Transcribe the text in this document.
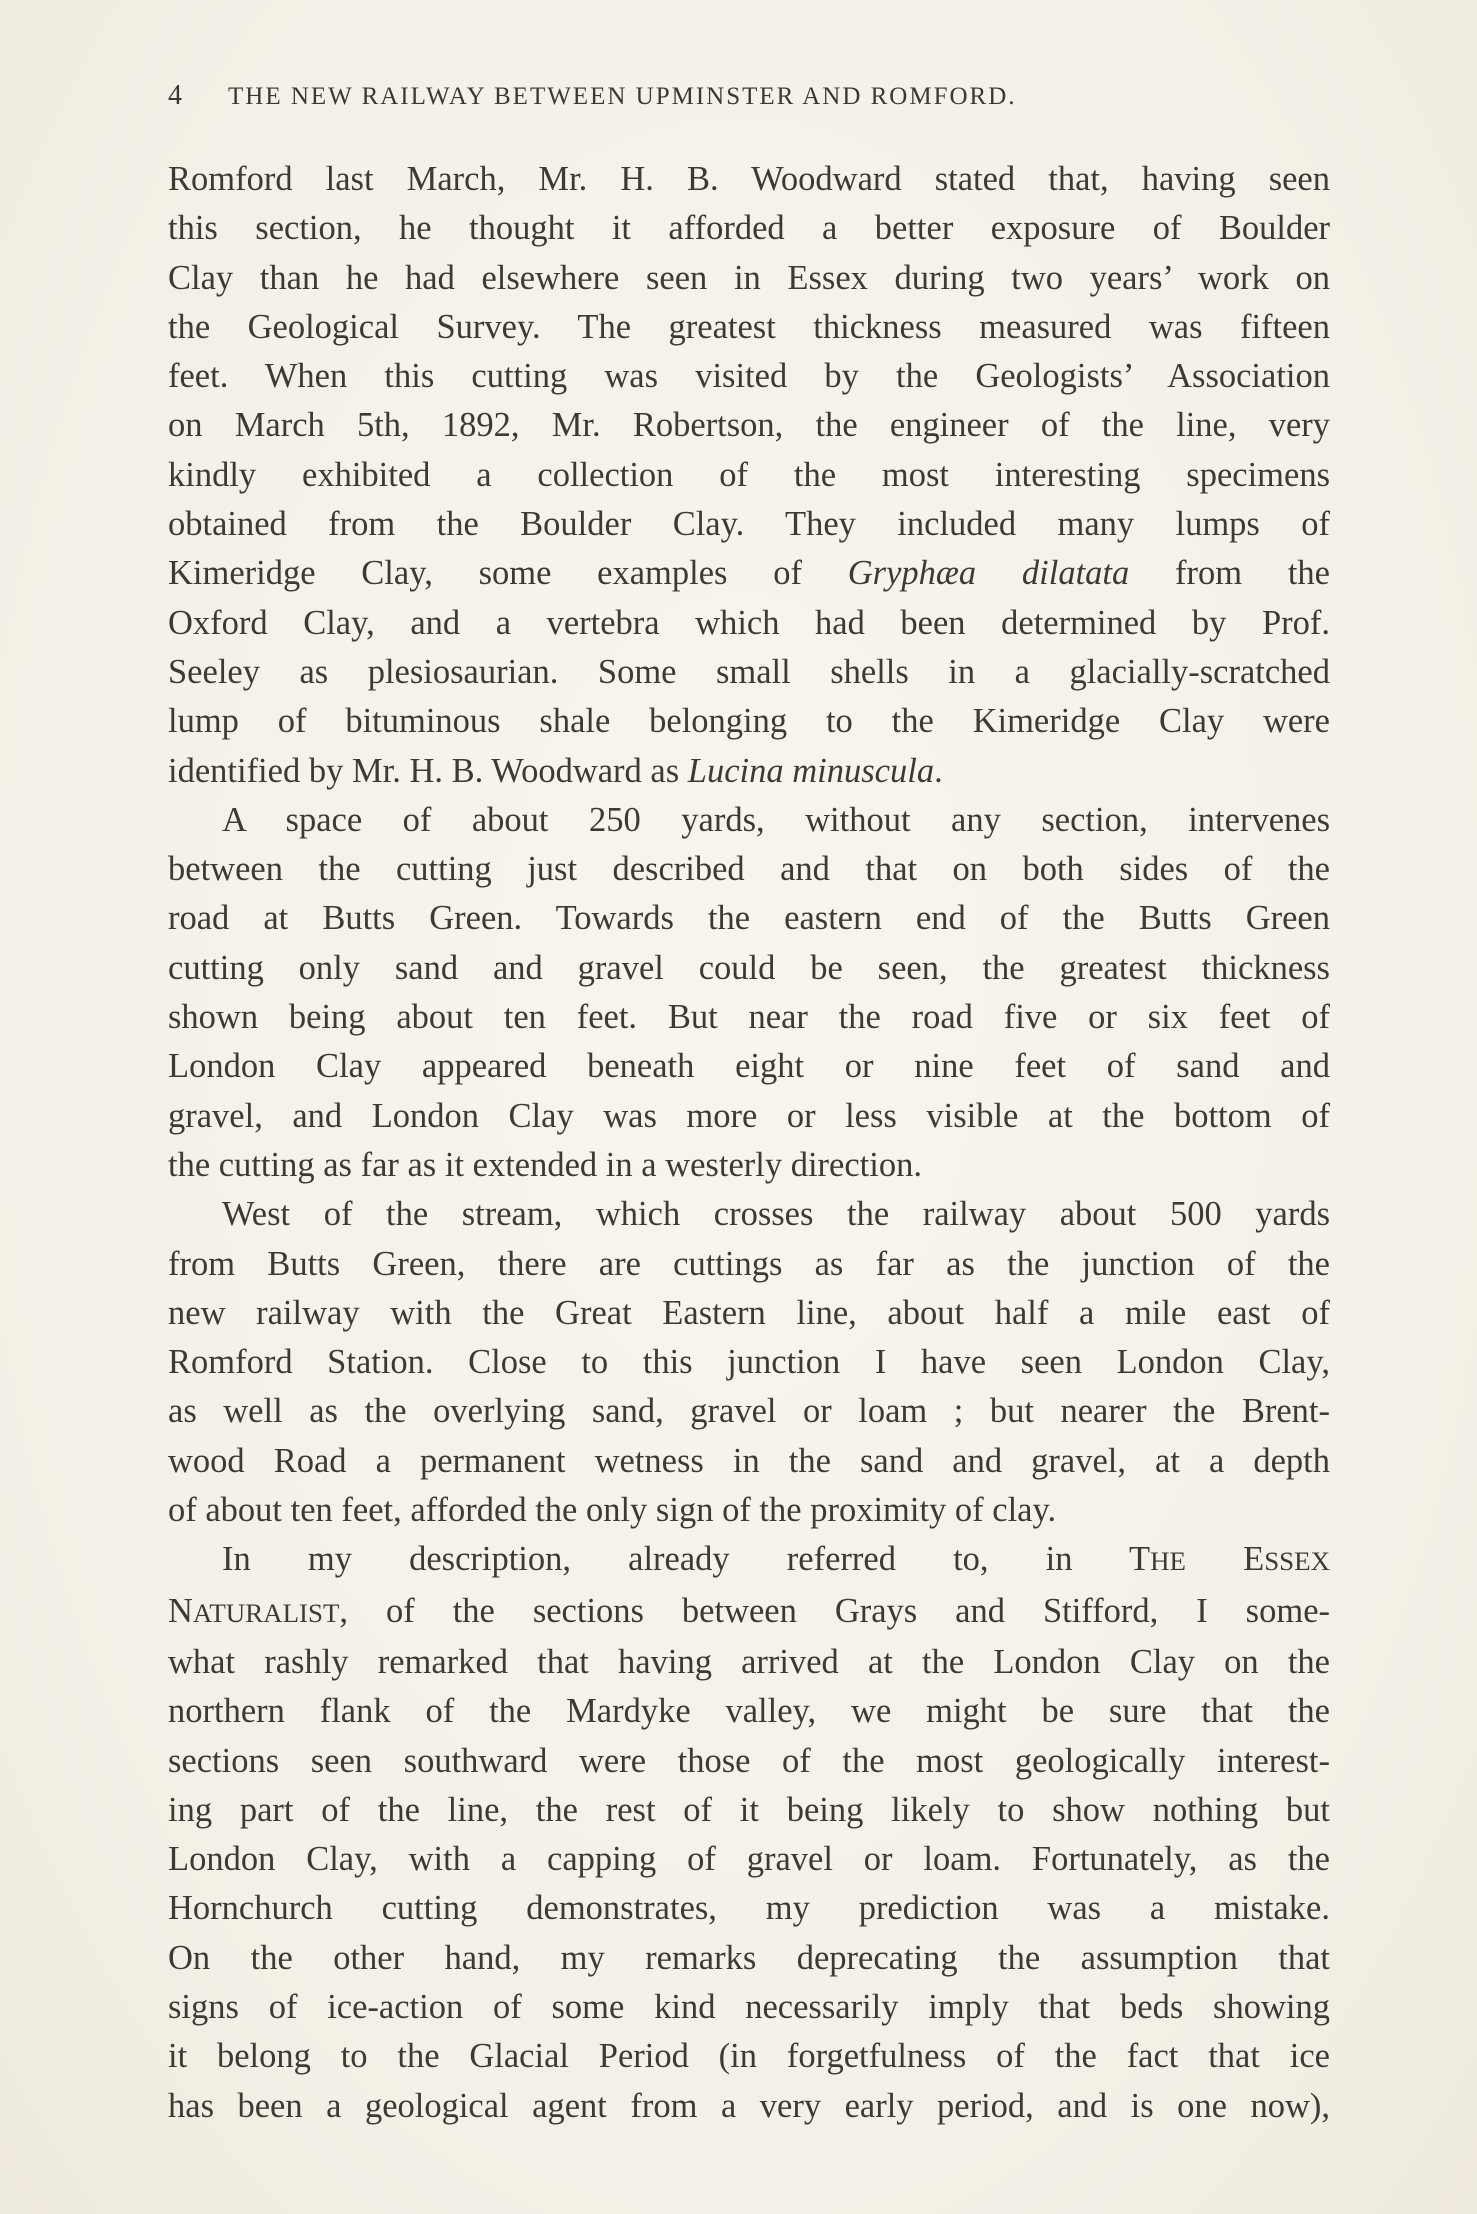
4 THE NEW RAILWAY BETWEEN UPMINSTER AND ROMFORD.
Romford last March, Mr. H. B. Woodward stated that, having seen
this section, he thought it afforded a better exposure of Boulder
Clay than he had elsewhere seen in Essex during two years’ work on
the Geological Survey. The greatest thickness measured was fifteen
feet. When this cutting was visited by the Geologists’ Association
on March 5th, 1892, Mr. Robertson, the engineer of the line, very
kindly exhibited a collection of the most interesting specimens
obtained from the Boulder Clay. They included many lumps of
Kimeridge Clay, some examples of Gryphæa dilatata from the
Oxford Clay, and a vertebra which had been determined by Prof.
Seeley as plesiosaurian. Some small shells in a glacially-scratched
lump of bituminous shale belonging to the Kimeridge Clay were
identified by Mr. H. B. Woodward as Lucina minuscula.
A space of about 250 yards, without any section, intervenes
between the cutting just described and that on both sides of the
road at Butts Green. Towards the eastern end of the Butts Green
cutting only sand and gravel could be seen, the greatest thickness
shown being about ten feet. But near the road five or six feet of
London Clay appeared beneath eight or nine feet of sand and
gravel, and London Clay was more or less visible at the bottom of
the cutting as far as it extended in a westerly direction.
West of the stream, which crosses the railway about 500 yards
from Butts Green, there are cuttings as far as the junction of the
new railway with the Great Eastern line, about half a mile east of
Romford Station. Close to this junction I have seen London Clay,
as well as the overlying sand, gravel or loam ; but nearer the Brent-
wood Road a permanent wetness in the sand and gravel, at a depth
of about ten feet, afforded the only sign of the proximity of clay.
In my description, already referred to, in THE ESSEX
NATURALIST, of the sections between Grays and Stifford, I some-
what rashly remarked that having arrived at the London Clay on the
northern flank of the Mardyke valley, we might be sure that the
sections seen southward were those of the most geologically interest-
ing part of the line, the rest of it being likely to show nothing but
London Clay, with a capping of gravel or loam. Fortunately, as the
Hornchurch cutting demonstrates, my prediction was a mistake.
On the other hand, my remarks deprecating the assumption that
signs of ice-action of some kind necessarily imply that beds showing
it belong to the Glacial Period (in forgetfulness of the fact that ice
has been a geological agent from a very early period, and is one now),
